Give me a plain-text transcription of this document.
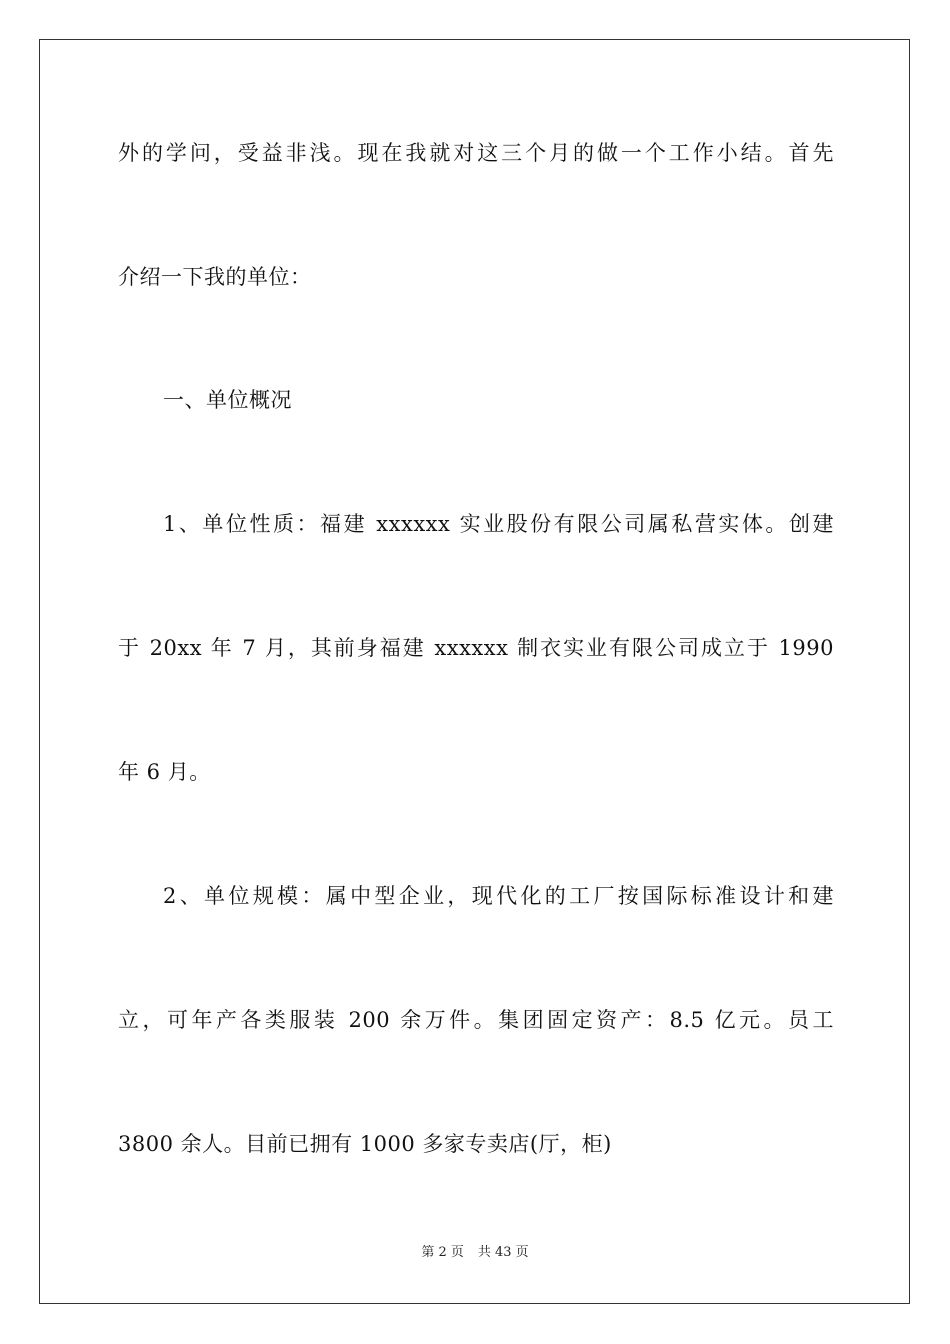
外的学问，受益非浅。现在我就对这三个月的做一个工作小结。首先
介绍一下我的单位：
一、单位概况
1、单位性质：福建 xxxxxx 实业股份有限公司属私营实体。创建
于 20xx 年 7 月，其前身福建 xxxxxx 制衣实业有限公司成立于 1990
年 6 月。
2、单位规模：属中型企业，现代化的工厂按国际标准设计和建
立，可年产各类服装 200 余万件。集团固定资产：8.5 亿元。员工
3800 余人。目前已拥有 1000 多家专卖店(厅，柜)
第 2 页 共 43 页
